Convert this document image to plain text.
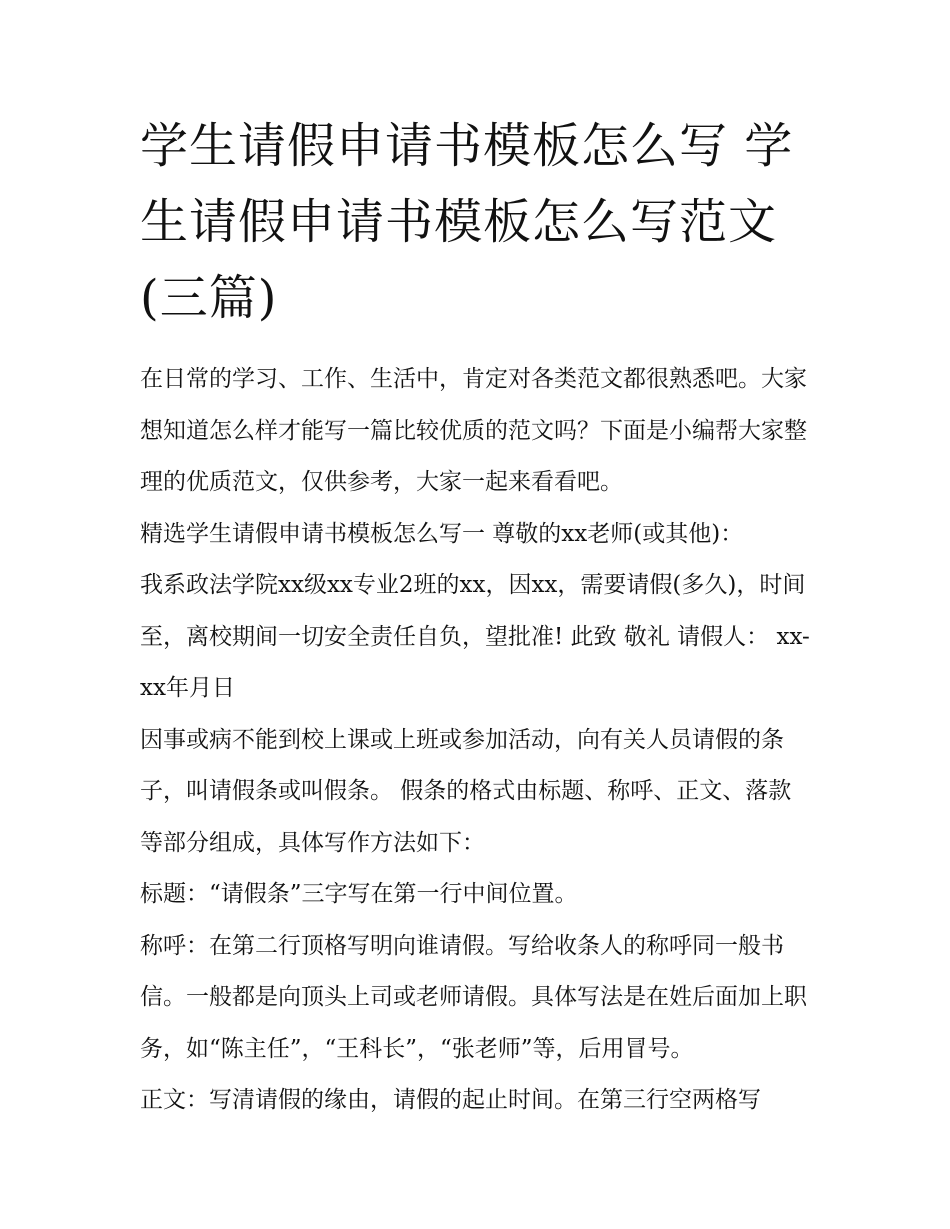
学生请假申请书模板怎么写 学生请假申请书模板怎么写范文(三篇)

在日常的学习、工作、生活中，肯定对各类范文都很熟悉吧。大家想知道怎么样才能写一篇比较优质的范文吗？下面是小编帮大家整理的优质范文，仅供参考，大家一起来看看吧。

精选学生请假申请书模板怎么写一 尊敬的xx老师(或其他)：

我系政法学院xx级xx专业2班的xx，因xx，需要请假(多久)，时间至，离校期间一切安全责任自负，望批准! 此致 敬礼 请假人： xx-xx年月日

因事或病不能到校上课或上班或参加活动，向有关人员请假的条子，叫请假条或叫假条。 假条的格式由标题、称呼、正文、落款等部分组成，具体写作方法如下：

标题：“请假条”三字写在第一行中间位置。

称呼：在第二行顶格写明向谁请假。写给收条人的称呼同一般书信。一般都是向顶头上司或老师请假。具体写法是在姓后面加上职务，如“陈主任”，“王科长”，“张老师”等，后用冒号。

正文：写清请假的缘由，请假的起止时间。在第三行空两格写
